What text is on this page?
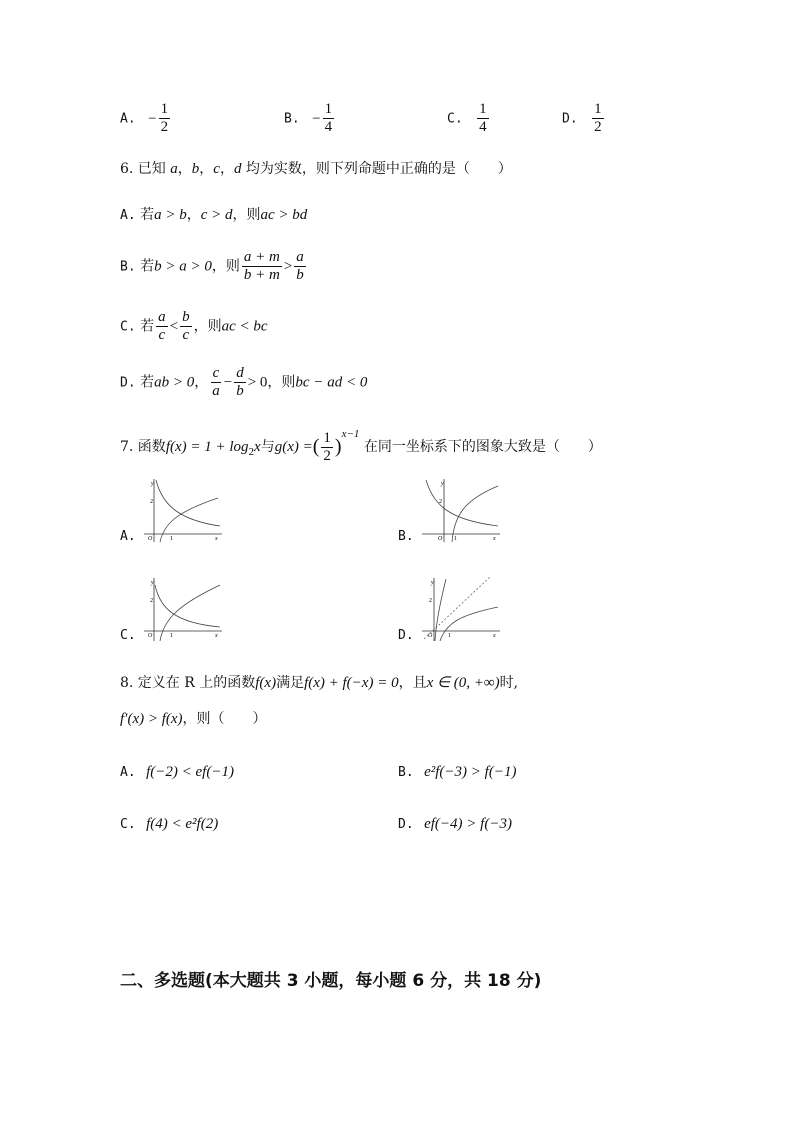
A. − $\frac{1}{2}$	B. − $\frac{1}{4}$	C. $\frac{1}{4}$	D. $\frac{1}{2}$
6. 已知 a，b，c，d 均为实数，则下列命题中正确的是（　　）
A. 若a > b，c > d，则ac > bd
B. 若b > a > 0，则 $\frac{a + m}{b + m} > \frac{a}{b}$
C. 若 $\frac{a}{c} < \frac{b}{c}$ ，则ac < bc
D. 若ab > 0， $\frac{c}{a} - \frac{d}{b} > 0$，则bc − ad < 0
7. 函数$f(x) = 1 + \log_2x$与g(x) =( $\frac{1}{2} )^{x-1}$ 在同一坐标系下的图象大致是（　　）
A.	B.
C.	D.
y
x
O	1
2
y
x
O 1
2
y
x
O	1
2
y
x
O	1
2
8. 定义在 R 上的函数f(x)满足f(x) + f(−x) = 0，且x ∈ (0, +∞)时,
f′(x) > f(x)，则（　　）
A. f(−2) < ef(−1)	B. e²f(−3) > f(−1)
C. f(4) < e²f(2)	D. ef(−4) > f(−3)
二、多选题(本大题共 3 小题，每小题 6 分，共 18 分)
